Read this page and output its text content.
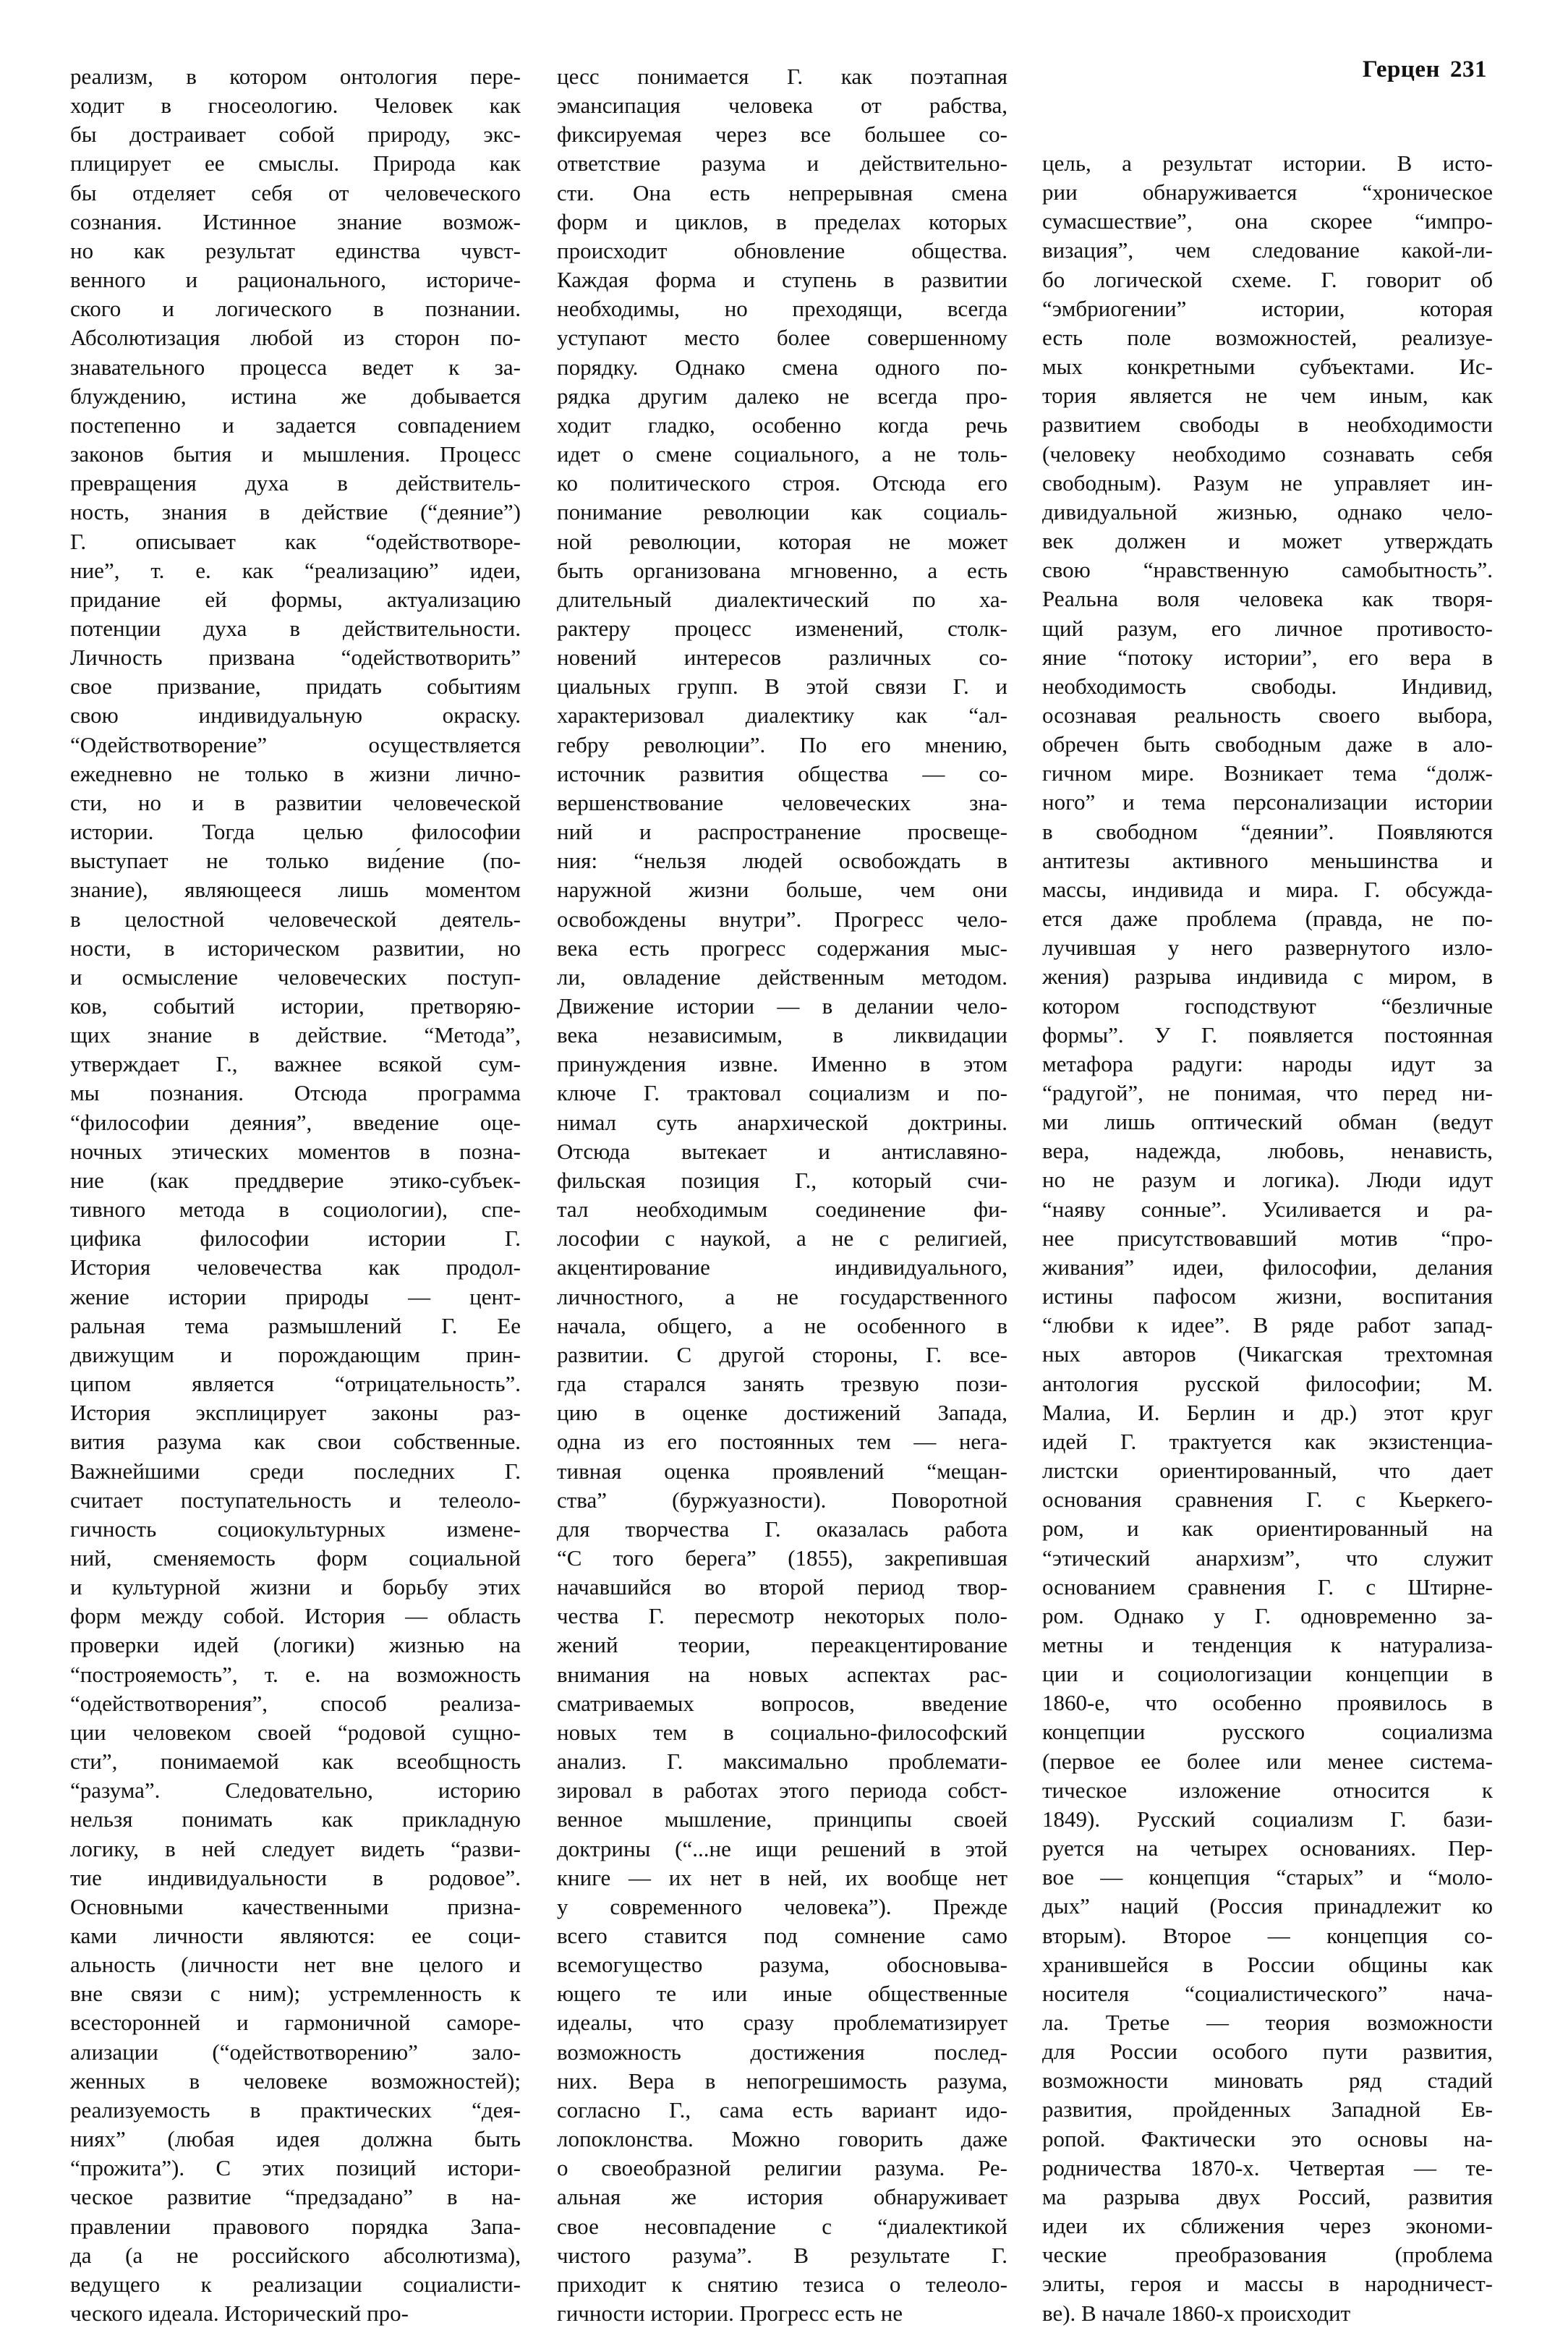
Герцен 231
реализм, в котором онтология пере-
ходит в гносеологию. Человек как
бы достраивает собой природу, экс-
плицирует ее смыслы. Природа как
бы отделяет себя от человеческого
сознания. Истинное знание возмож-
но как результат единства чувст-
венного и рационального, историче-
ского и логического в познании.
Абсолютизация любой из сторон по-
знавательного процесса ведет к за-
блуждению, истина же добывается
постепенно и задается совпадением
законов бытия и мышления. Процесс
превращения духа в действитель-
ность, знания в действие (“деяние”)
Г. описывает как “одействотворе-
ние”, т. е. как “реализацию” идеи,
придание ей формы, актуализацию
потенции духа в действительности.
Личность призвана “одействотворить”
свое призвание, придать событиям
свою индивидуальную окраску.
“Одействотворение” осуществляется
ежедневно не только в жизни лично-
сти, но и в развитии человеческой
истории. Тогда целью философии
выступает не только вид́ение (по-
знание), являющееся лишь моментом
в целостной человеческой деятель-
ности, в историческом развитии, но
и осмысление человеческих поступ-
ков, событий истории, претворяю-
щих знание в действие. “Метода”,
утверждает Г., важнее всякой сум-
мы познания. Отсюда программа
“философии деяния”, введение оце-
ночных этических моментов в позна-
ние (как преддверие этико-субъек-
тивного метода в социологии), спе-
цифика философии истории Г.
История человечества как продол-
жение истории природы — цент-
ральная тема размышлений Г. Ее
движущим и порождающим прин-
ципом является “отрицательность”.
История эксплицирует законы раз-
вития разума как свои собственные.
Важнейшими среди последних Г.
считает поступательность и телеоло-
гичность социокультурных измене-
ний, сменяемость форм социальной
и культурной жизни и борьбу этих
форм между собой. История — область
проверки идей (логики) жизнью на
“построяемость”, т. е. на возможность
“одействотворения”, способ реализа-
ции человеком своей “родовой сущно-
сти”, понимаемой как всеобщность
“разума”. Следовательно, историю
нельзя понимать как прикладную
логику, в ней следует видеть “разви-
тие индивидуальности в родовое”.
Основными качественными призна-
ками личности являются: ее соци-
альность (личности нет вне целого и
вне связи с ним); устремленность к
всесторонней и гармоничной саморе-
ализации (“одействотворению” зало-
женных в человеке возможностей);
реализуемость в практических “дея-
ниях” (любая идея должна быть
“прожита”). С этих позиций истори-
ческое развитие “предзадано” в на-
правлении правового порядка Запа-
да (а не российского абсолютизма),
ведущего к реализации социалисти-
ческого идеала. Исторический про-
цесс понимается Г. как поэтапная
эмансипация человека от рабства,
фиксируемая через все большее со-
ответствие разума и действительно-
сти. Она есть непрерывная смена
форм и циклов, в пределах которых
происходит обновление общества.
Каждая форма и ступень в развитии
необходимы, но преходящи, всегда
уступают место более совершенному
порядку. Однако смена одного по-
рядка другим далеко не всегда про-
ходит гладко, особенно когда речь
идет о смене социального, а не толь-
ко политического строя. Отсюда его
понимание революции как социаль-
ной революции, которая не может
быть организована мгновенно, а есть
длительный диалектический по ха-
рактеру процесс изменений, столк-
новений интересов различных со-
циальных групп. В этой связи Г. и
характеризовал диалектику как “ал-
гебру революции”. По его мнению,
источник развития общества — со-
вершенствование человеческих зна-
ний и распространение просвеще-
ния: “нельзя людей освобождать в
наружной жизни больше, чем они
освобождены внутри”. Прогресс чело-
века есть прогресс содержания мыс-
ли, овладение действенным методом.
Движение истории — в делании чело-
века независимым, в ликвидации
принуждения извне. Именно в этом
ключе Г. трактовал социализм и по-
нимал суть анархической доктрины.
Отсюда вытекает и антиславяно-
фильская позиция Г., который счи-
тал необходимым соединение фи-
лософии с наукой, а не с религией,
акцентирование индивидуального,
личностного, а не государственного
начала, общего, а не особенного в
развитии. С другой стороны, Г. все-
гда старался занять трезвую пози-
цию в оценке достижений Запада,
одна из его постоянных тем — нега-
тивная оценка проявлений “мещан-
ства” (буржуазности). Поворотной
для творчества Г. оказалась работа
“С того берега” (1855), закрепившая
начавшийся во второй период твор-
чества Г. пересмотр некоторых поло-
жений теории, переакцентирование
внимания на новых аспектах рас-
сматриваемых вопросов, введение
новых тем в социально-философский
анализ. Г. максимально проблемати-
зировал в работах этого периода собст-
венное мышление, принципы своей
доктрины (“...не ищи решений в этой
книге — их нет в ней, их вообще нет
у современного человека”). Прежде
всего ставится под сомнение само
всемогущество разума, обосновыва-
ющего те или иные общественные
идеалы, что сразу проблематизирует
возможность достижения послед-
них. Вера в непогрешимость разума,
согласно Г., сама есть вариант идо-
лопоклонства. Можно говорить даже
о своеобразной религии разума. Ре-
альная же история обнаруживает
свое несовпадение с “диалектикой
чистого разума”. В результате Г.
приходит к снятию тезиса о телеоло-
гичности истории. Прогресс есть не
цель, а результат истории. В исто-
рии обнаруживается “хроническое
сумасшествие”, она скорее “импро-
визация”, чем следование какой-ли-
бо логической схеме. Г. говорит об
“эмбриогении” истории, которая
есть поле возможностей, реализуе-
мых конкретными субъектами. Ис-
тория является не чем иным, как
развитием свободы в необходимости
(человеку необходимо сознавать себя
свободным). Разум не управляет ин-
дивидуальной жизнью, однако чело-
век должен и может утверждать
свою “нравственную самобытность”.
Реальна воля человека как творя-
щий разум, его личное противосто-
яние “потоку истории”, его вера в
необходимость свободы. Индивид,
осознавая реальность своего выбора,
обречен быть свободным даже в ало-
гичном мире. Возникает тема “долж-
ного” и тема персонализации истории
в свободном “деянии”. Появляются
антитезы активного меньшинства и
массы, индивида и мира. Г. обсужда-
ется даже проблема (правда, не по-
лучившая у него развернутого изло-
жения) разрыва индивида с миром, в
котором господствуют “безличные
формы”. У Г. появляется постоянная
метафора радуги: народы идут за
“радугой”, не понимая, что перед ни-
ми лишь оптический обман (ведут
вера, надежда, любовь, ненависть,
но не разум и логика). Люди идут
“наяву сонные”. Усиливается и ра-
нее присутствовавший мотив “про-
живания” идеи, философии, делания
истины пафосом жизни, воспитания
“любви к идее”. В ряде работ запад-
ных авторов (Чикагская трехтомная
антология русской философии; М.
Малиа, И. Берлин и др.) этот круг
идей Г. трактуется как экзистенциа-
листски ориентированный, что дает
основания сравнения Г. с Кьеркего-
ром, и как ориентированный на
“этический анархизм”, что служит
основанием сравнения Г. с Штирне-
ром. Однако у Г. одновременно за-
метны и тенденция к натурализа-
ции и социологизации концепции в
1860-е, что особенно проявилось в
концепции русского социализма
(первое ее более или менее система-
тическое изложение относится к
1849). Русский социализм Г. бази-
руется на четырех основаниях. Пер-
вое — концепция “старых” и “моло-
дых” наций (Россия принадлежит ко
вторым). Второе — концепция со-
хранившейся в России общины как
носителя “социалистического” нача-
ла. Третье — теория возможности
для России особого пути развития,
возможности миновать ряд стадий
развития, пройденных Западной Ев-
ропой. Фактически это основы на-
родничества 1870-х. Четвертая — те-
ма разрыва двух Россий, развития
идеи их сближения через экономи-
ческие преобразования (проблема
элиты, героя и массы в народничест-
ве). В начале 1860-х происходит
